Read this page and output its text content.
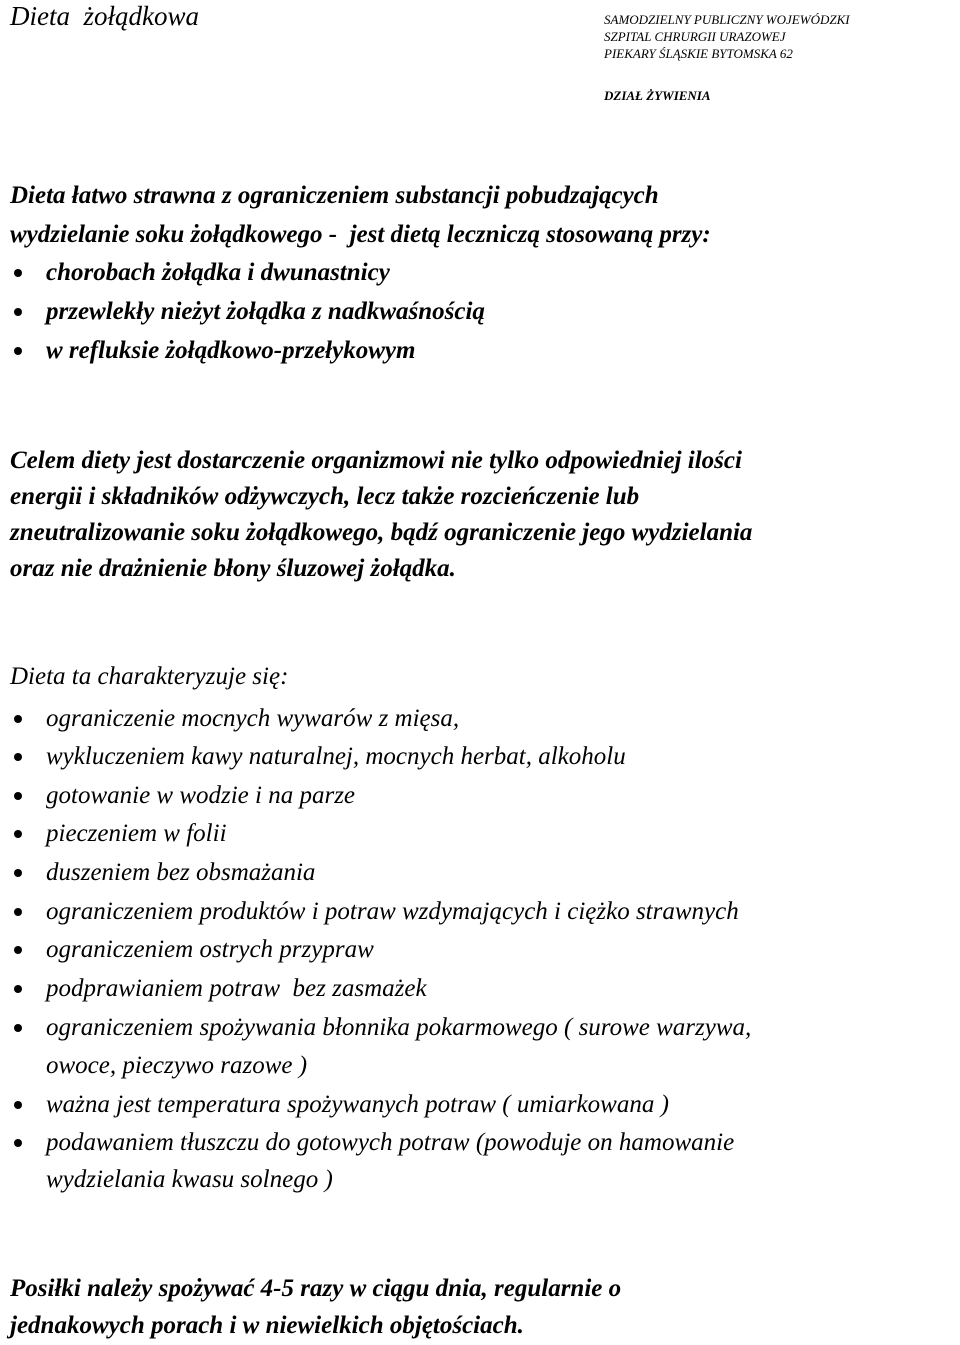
Dieta  żołądkowa	SAMODZIELNY PUBLICZNY WOJEWÓDZKI
SZPITAL CHRURGII URAZOWEJ
PIEKARY ŚLĄSKIE BYTOMSKA 62
DZIAŁ ŻYWIENIA
Dieta łatwo strawna z ograniczeniem substancji pobudzających
wydzielanie soku żołądkowego -  jest dietą leczniczą stosowaną przy:

chorobach żołądka i dwunastnicy

przewlekły nieżyt żołądka z nadkwaśnością

w refluksie żołądkowo-przełykowym

Celem diety jest dostarczenie organizmowi nie tylko odpowiedniej ilości
energii i składników odżywczych, lecz także rozcieńczenie lub
zneutralizowanie soku żołądkowego, bądź ograniczenie jego wydzielania
oraz nie drażnienie błony śluzowej żołądka.
Dieta ta charakteryzuje się:

ograniczenie mocnych wywarów z mięsa,

wykluczeniem kawy naturalnej, mocnych herbat, alkoholu

gotowanie w wodzie i na parze

pieczeniem w folii

duszeniem bez obsmażania

ograniczeniem produktów i potraw wzdymających i ciężko strawnych

ograniczeniem ostrych przypraw

podprawianiem potraw  bez zasmażek

ograniczeniem spożywania błonnika pokarmowego ( surowe warzywa,

owoce, pieczywo razowe )

ważna jest temperatura spożywanych potraw ( umiarkowana )

podawaniem tłuszczu do gotowych potraw (powoduje on hamowanie

wydzielania kwasu solnego )

Posiłki należy spożywać 4-5 razy w ciągu dnia, regularnie o
jednakowych porach i w niewielkich objętościach.
